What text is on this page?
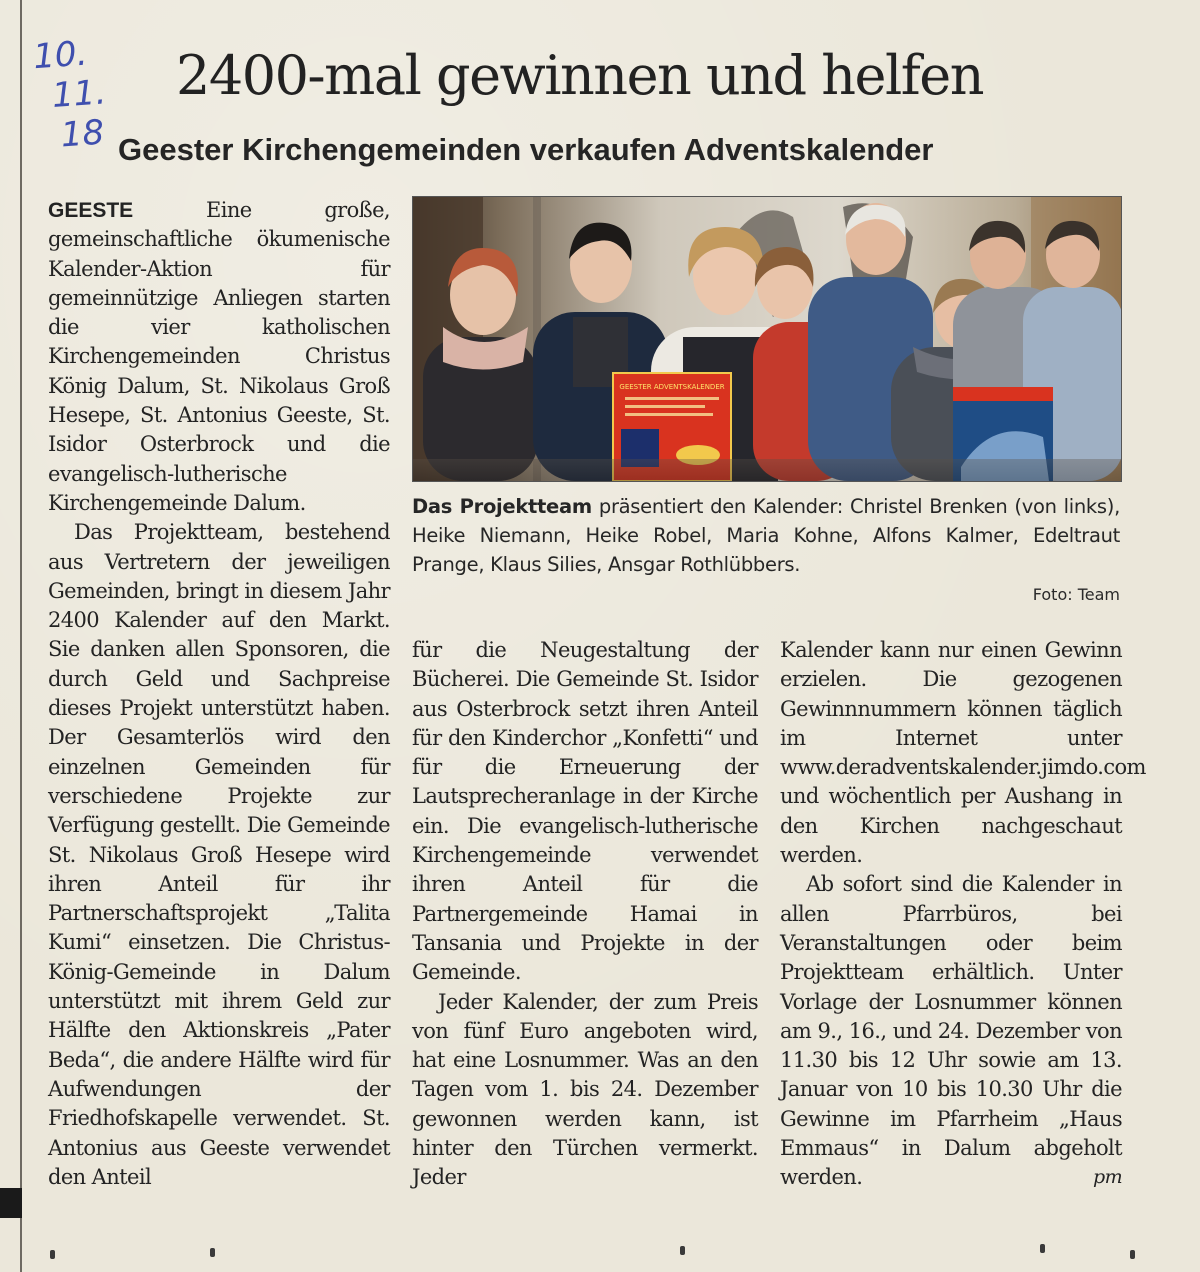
10.
11.
18
2400-mal gewinnen und helfen
Geester Kirchengemeinden verkaufen Adventskalender

GEESTE Eine große, gemeinschaftliche ökumenische Kalender-Aktion für gemeinnützige Anliegen starten die vier katholischen Kirchengemeinden Christus König Dalum, St. Nikolaus Groß Hesepe, St. Antonius Geeste, St. Isidor Osterbrock und die evangelisch-lutherische Kirchengemeinde Dalum.

Das Projektteam, bestehend aus Vertretern der jeweiligen Gemeinden, bringt in diesem Jahr 2400 Kalender auf den Markt. Sie danken allen Sponsoren, die durch Geld und Sachpreise dieses Projekt unterstützt haben. Der Gesamterlös wird den einzelnen Gemeinden für verschiedene Projekte zur Verfügung gestellt. Die Gemeinde St. Nikolaus Groß Hesepe wird ihren Anteil für ihr Partnerschaftsprojekt „Talita Kumi“ einsetzen. Die Christus-König-Gemeinde in Dalum unterstützt mit ihrem Geld zur Hälfte den Aktionskreis „Pater Beda“, die andere Hälfte wird für Aufwendungen der Friedhofskapelle verwendet. St. Antonius aus Geeste verwendet den Anteil

GEESTER ADVENTSKALENDER
Das Projektteam präsentiert den Kalender: Christel Brenken (von links), Heike Niemann, Heike Robel, Maria Kohne, Alfons Kalmer, Edeltraut Prange, Klaus Silies, Ansgar Rothlübbers.
Foto: Team

für die Neugestaltung der Bücherei. Die Gemeinde St. Isidor aus Osterbrock setzt ihren Anteil für den Kinderchor „Konfetti“ und für die Erneuerung der Lautsprecheranlage in der Kirche ein. Die evangelisch-lutherische Kirchengemeinde verwendet ihren Anteil für die Partnergemeinde Hamai in Tansania und Projekte in der Gemeinde.

Jeder Kalender, der zum Preis von fünf Euro angeboten wird, hat eine Losnummer. Was an den Tagen vom 1. bis 24. Dezember gewonnen werden kann, ist hinter den Türchen vermerkt. Jeder

Kalender kann nur einen Gewinn erzielen. Die gezogenen Gewinnnummern können täglich im Internet unter www.deradventskalender.jimdo.com und wöchentlich per Aushang in den Kirchen nachgeschaut werden.

Ab sofort sind die Kalender in allen Pfarrbüros, bei Veranstaltungen oder beim Projektteam erhältlich. Unter Vorlage der Losnummer können am 9., 16., und 24. Dezember von 11.30 bis 12 Uhr sowie am 13. Januar von 10 bis 10.30 Uhr die Gewinne im Pfarrheim „Haus Emmaus“ in Dalum abgeholt werden.	pm
